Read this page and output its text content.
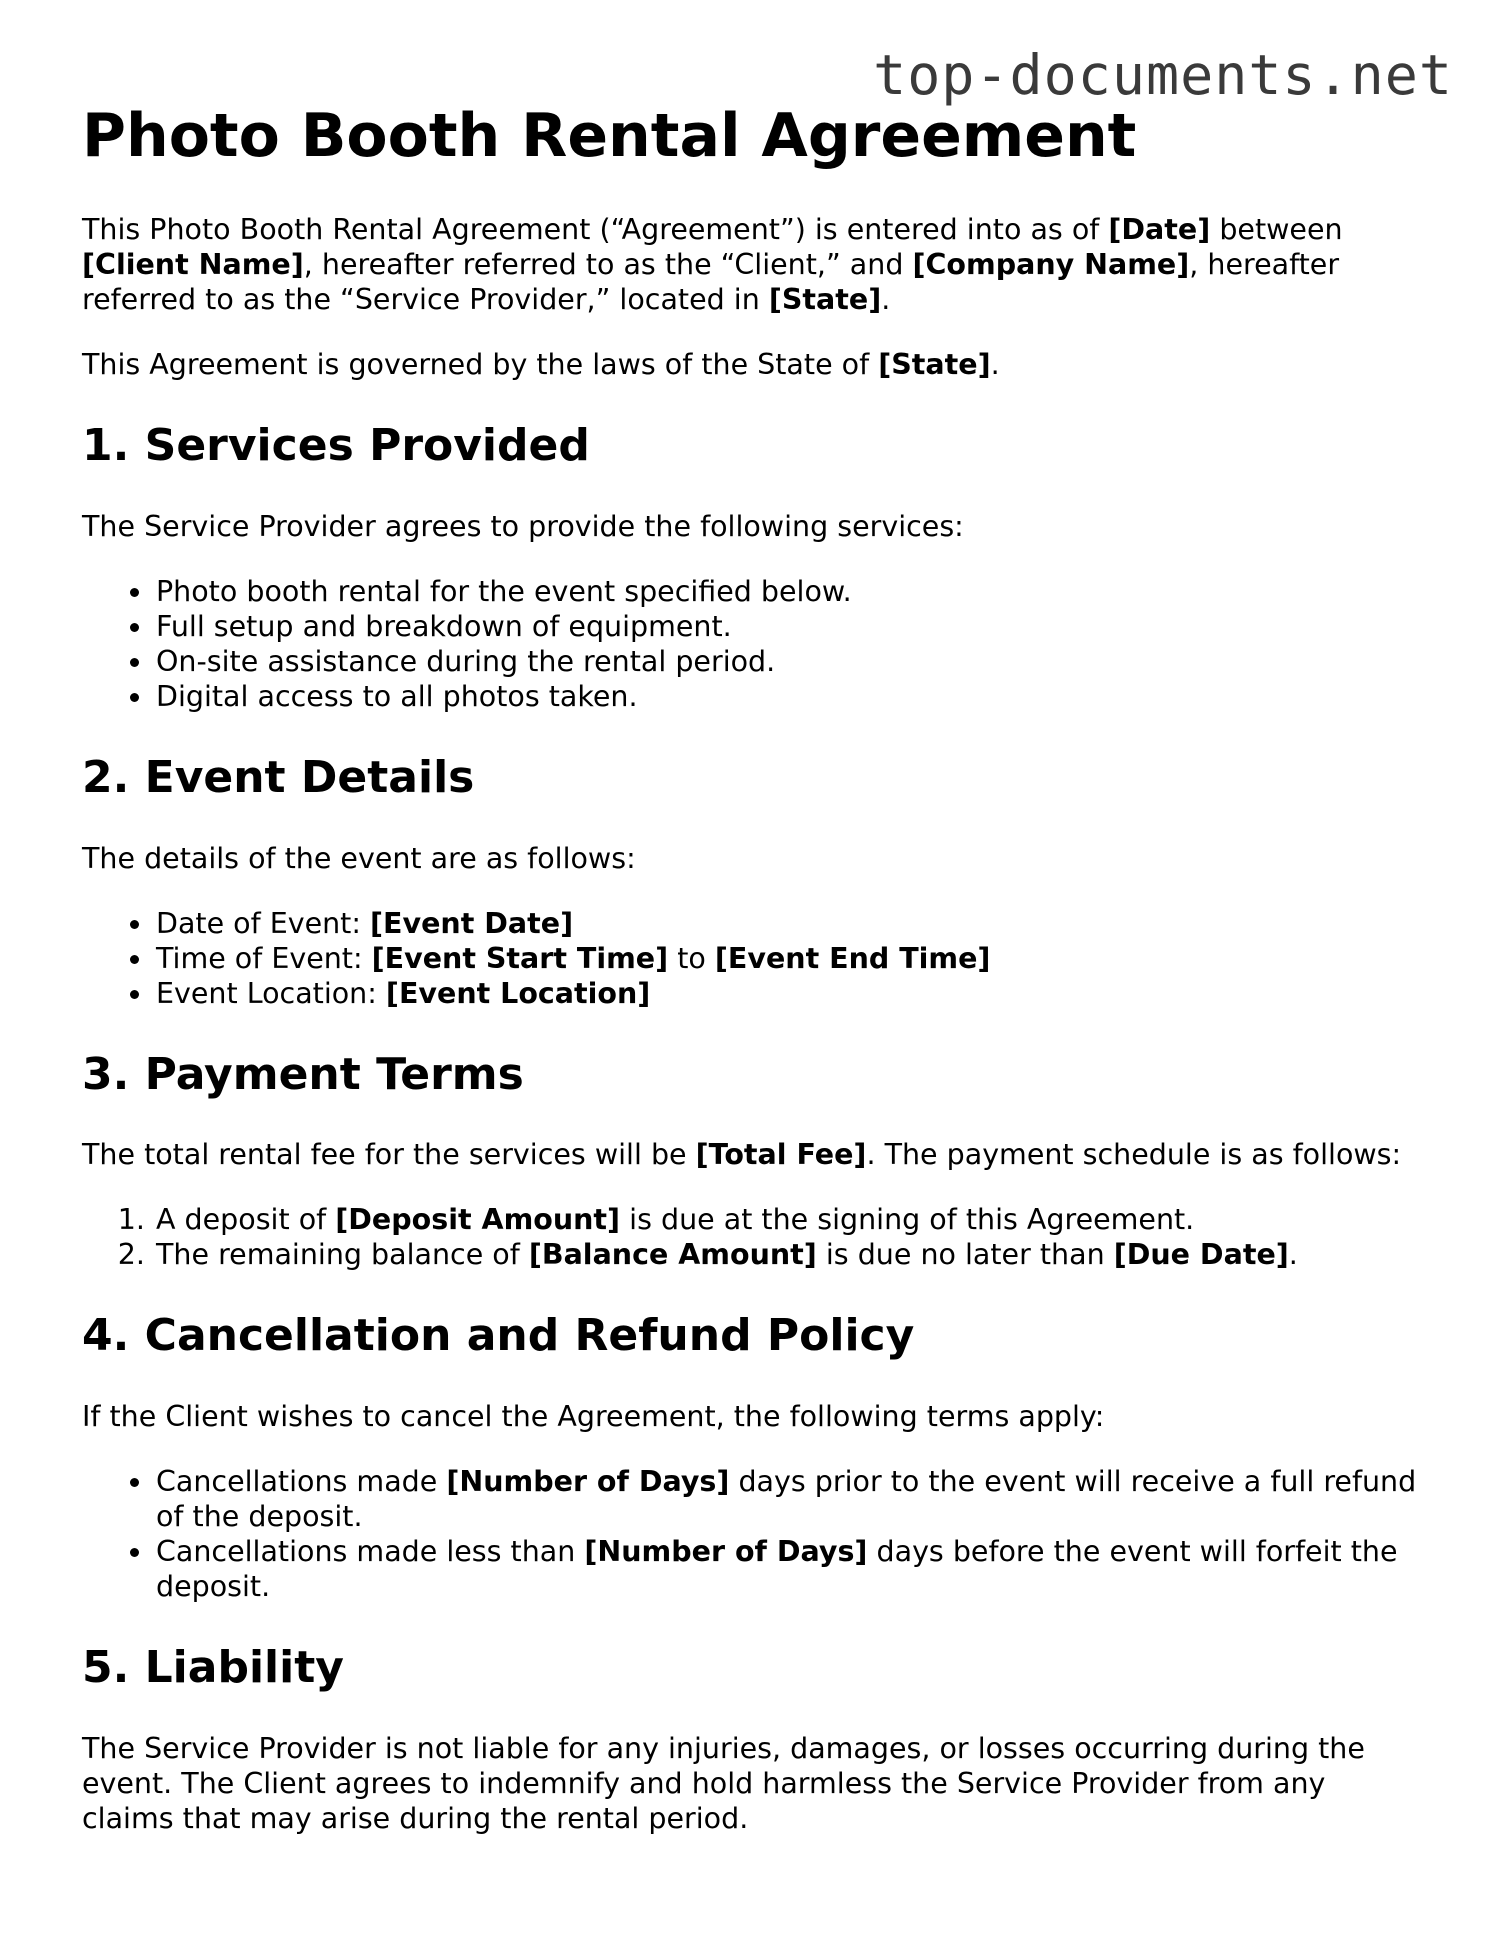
top-documents.net
Photo Booth Rental Agreement

This Photo Booth Rental Agreement (“Agreement”) is entered into as of [Date] between [Client Name], hereafter referred to as the “Client,” and [Company Name], hereafter referred to as the “Service Provider,” located in [State].

This Agreement is governed by the laws of the State of [State].

1. Services Provided

The Service Provider agrees to provide the following services:

• Photo booth rental for the event specified below.
• Full setup and breakdown of equipment.
• On-site assistance during the rental period.
• Digital access to all photos taken.
2. Event Details

The details of the event are as follows:

• Date of Event: [Event Date]
• Time of Event: [Event Start Time] to [Event End Time]
• Event Location: [Event Location]
3. Payment Terms

The total rental fee for the services will be [Total Fee]. The payment schedule is as follows:

1. A deposit of [Deposit Amount] is due at the signing of this Agreement.
2. The remaining balance of [Balance Amount] is due no later than [Due Date].
4. Cancellation and Refund Policy

If the Client wishes to cancel the Agreement, the following terms apply:

• Cancellations made [Number of Days] days prior to the event will receive a full refund of the deposit.
• Cancellations made less than [Number of Days] days before the event will forfeit the deposit.
5. Liability

The Service Provider is not liable for any injuries, damages, or losses occurring during the event. The Client agrees to indemnify and hold harmless the Service Provider from any claims that may arise during the rental period.
